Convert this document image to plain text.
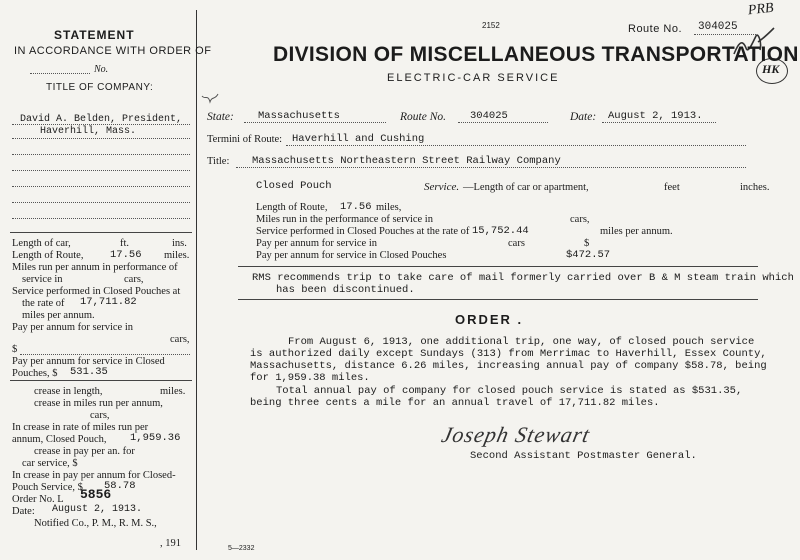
STATEMENT
IN ACCORDANCE WITH ORDER OF
No.
TITLE OF COMPANY:
David A. Belden, President,
Haverhill, Mass.
Length of car,	ft.	ins.
Length of Route,	17.56 miles.
Miles run per annum in performance of
service in	cars,
Service performed in Closed Pouches at
the rate of 17,711.82
miles per annum.
Pay per annum for service in
cars,
$
Pay per annum for service in Closed
Pouches, $ 531.35
crease in length,	miles.
crease in miles run per annum,
cars,
In crease in rate of miles run per
annum, Closed Pouch, 1,959.36
crease in pay per an. for
car service, $
In crease in pay per annum for Closed-
Pouch Service, $ 58.78
Order No. L 5856
Date: August 2, 1913.
Notified Co., P. M., R. M. S.,
, 191
2152	Route No. 304025
PRB
HK
DIVISION OF MISCELLANEOUS TRANSPORTATION
ELECTRIC-CAR SERVICE
State: Massachusetts	Route No. 304025	Date: August 2, 1913.
Termini of Route: Haverhill and Cushing
Title: Massachusetts Northeastern Street Railway Company
Closed Pouch	Service. —Length of car or apartment,	feet	inches.
Length of Route, 17.56 miles,
Miles run in the performance of service in	cars,
Service performed in Closed Pouches at the rate of 15,752.44	miles per annum.
Pay per annum for service in	cars	$
Pay per annum for service in Closed Pouches	$472.57
RMS recommends trip to take care of mail formerly carried over B & M steam train which
has been discontinued.
ORDER .
From August 6, 1913, one additional trip, one way, of closed pouch service
is authorized daily except Sundays (313) from Merrimac to Haverhill, Essex County,
Massachusetts, distance 6.26 miles, increasing annual pay of company $58.78, being
for 1,959.38 miles.
Total annual pay of company for closed pouch service is stated as $531.35,
being three cents a mile for an annual travel of 17,711.82 miles.
Joseph Stewart
Second Assistant Postmaster General.
5—2332
